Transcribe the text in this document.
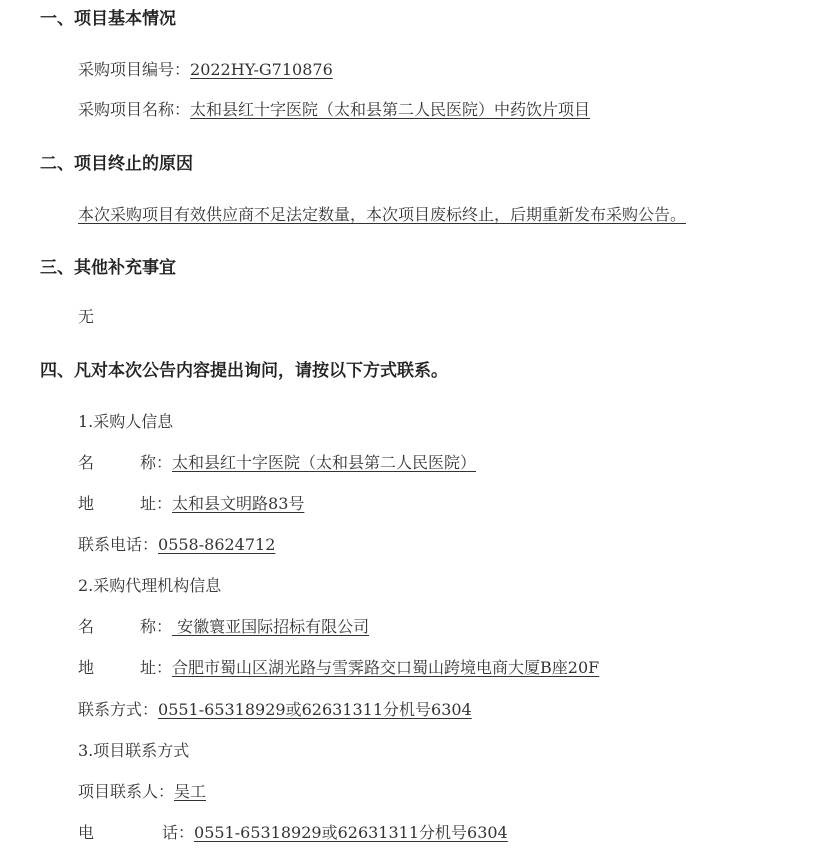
一、项目基本情况
采购项目编号：2022HY-G710876
采购项目名称：太和县红十字医院（太和县第二人民医院）中药饮片项目
二、项目终止的原因
本次采购项目有效供应商不足法定数量，本次项目废标终止，后期重新发布采购公告。
三、其他补充事宜
无
四、凡对本次公告内容提出询问，请按以下方式联系。
1.采购人信息
名	称：太和县红十字医院（太和县第二人民医院）
地	址：太和县文明路83号
联系电话：0558-8624712
2.采购代理机构信息
名	称： 安徽寰亚国际招标有限公司
地	址：合肥市蜀山区湖光路与雪霁路交口蜀山跨境电商大厦B座20F
联系方式：0551-65318929或62631311分机号6304
3.项目联系方式
项目联系人：吴工
电	话：0551-65318929或62631311分机号6304
